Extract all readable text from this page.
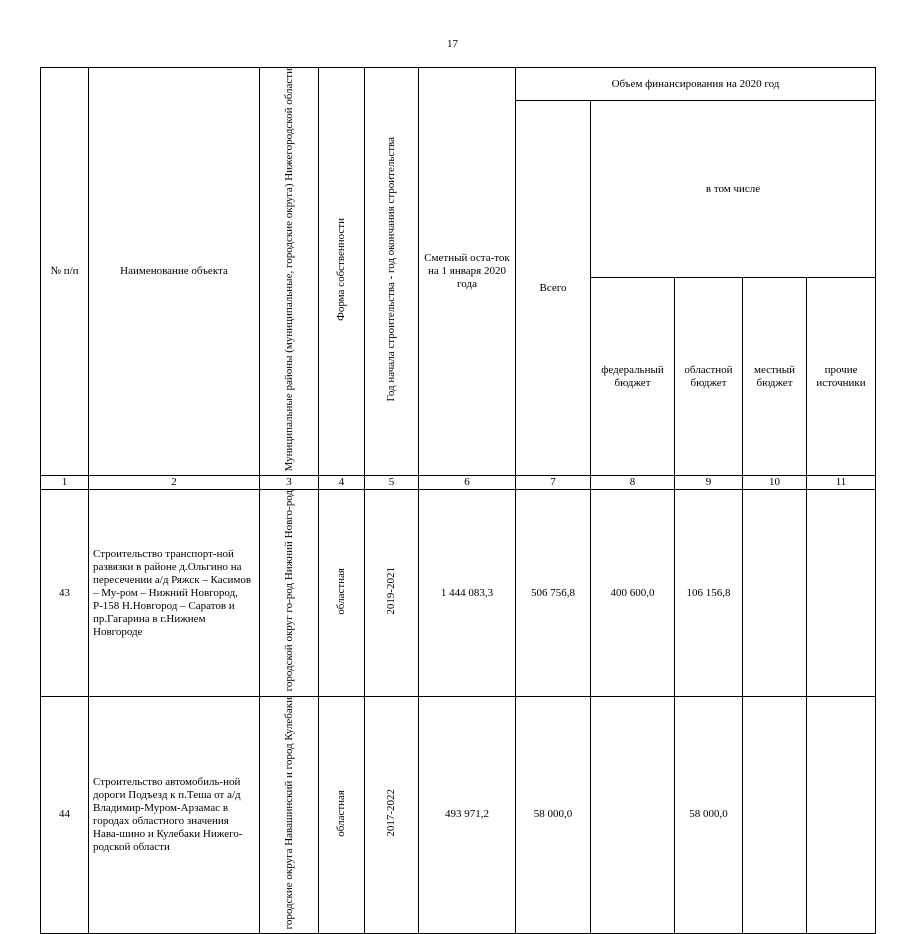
17
№ п/п	Наименование объекта	Муниципальные районы (муниципальные, городские округа) Нижегородской области	Форма собственности	Год начала строительства - год окончания строительства	Сметный оста-ток на 1 января 2020 года	Объем финансирования на 2020 год				
						Всего	в том числе			
							федеральный бюджет	областной бюджет	местный бюджет	прочие источники
1	2	3	4	5	6	7	8	9	10	11
43	Строительство транспорт-ной развязки в районе д.Ольгино на пересечении а/д Ряжск – Касимов – Му-ром – Нижний Новгород, Р-158 Н.Новгород – Саратов и пр.Гагарина в г.Нижнем Новгороде	городской округ го-род Нижний Новго-род	областная	2019-2021	1 444 083,3	506 756,8	400 600,0	106 156,8		
44	Строительство автомобиль-ной дороги Подъезд к п.Теша от а/д Владимир-Муром-Арзамас в городах областного значения Нава-шино и Кулебаки Нижего-родской области	городские округа Навашинский и город Кулебаки	областная	2017-2022	493 971,2	58 000,0		58 000,0		
